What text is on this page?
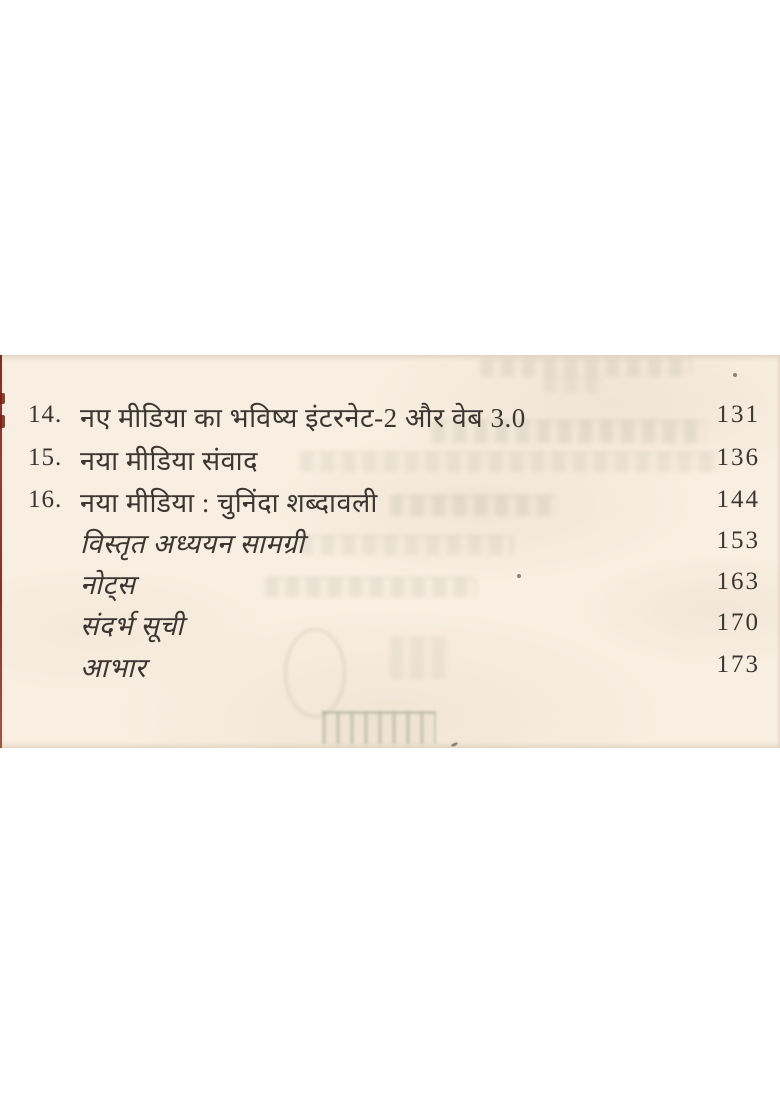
14. नए मीडिया का भविष्य इंटरनेट-2 और वेब 3.0	131
15. नया मीडिया संवाद	136
16. नया मीडिया : चुनिंदा शब्दावली	144
विस्तृत अध्ययन सामग्री	153
नोट्स	163
संदर्भ सूची	170
आभार	173
